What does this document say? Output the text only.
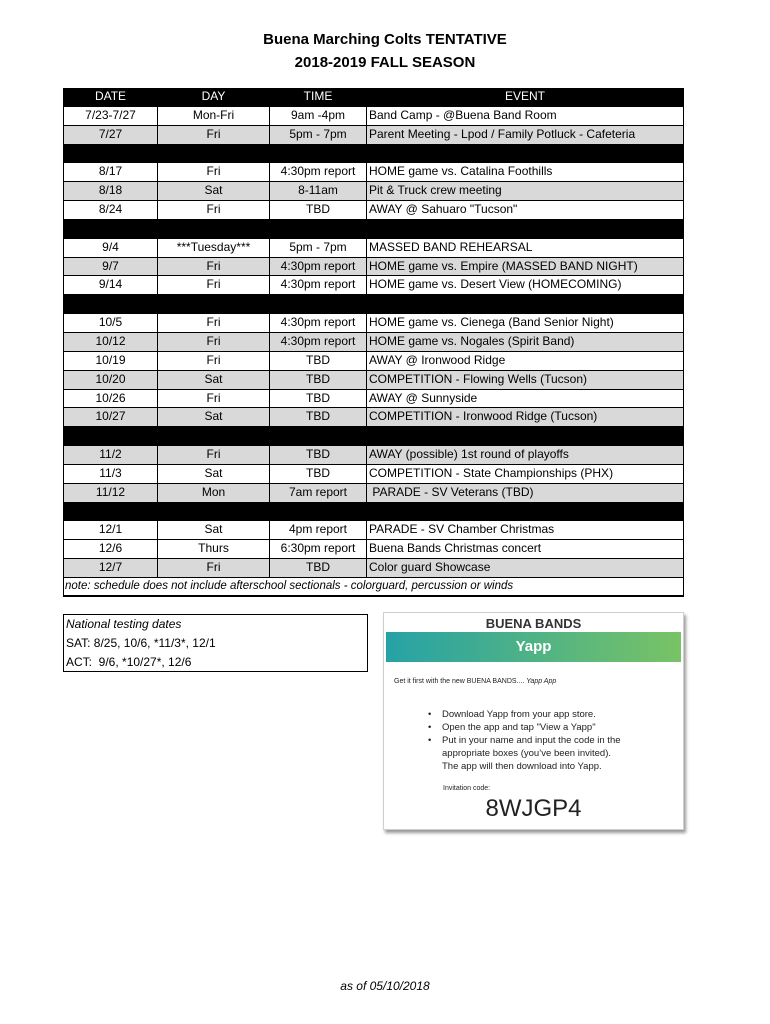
Buena Marching Colts TENTATIVE
2018-2019 FALL SEASON
DATE	DAY	TIME	EVENT
7/23-7/27	Mon-Fri	9am -4pm	Band Camp - @Buena Band Room
7/27	Fri	5pm - 7pm	Parent Meeting - Lpod / Family Potluck - Cafeteria
8/17	Fri	4:30pm report	HOME game vs. Catalina Foothills
8/18	Sat	8-11am	Pit & Truck crew meeting
8/24	Fri	TBD	AWAY @ Sahuaro "Tucson"
9/4	***Tuesday***	5pm - 7pm	MASSED BAND REHEARSAL
9/7	Fri	4:30pm report	HOME game vs. Empire (MASSED BAND NIGHT)
9/14	Fri	4:30pm report	HOME game vs. Desert View (HOMECOMING)
10/5	Fri	4:30pm report	HOME game vs. Cienega (Band Senior Night)
10/12	Fri	4:30pm report	HOME game vs. Nogales (Spirit Band)
10/19	Fri	TBD	AWAY @ Ironwood Ridge
10/20	Sat	TBD	COMPETITION - Flowing Wells (Tucson)
10/26	Fri	TBD	AWAY @ Sunnyside
10/27	Sat	TBD	COMPETITION - Ironwood Ridge (Tucson)
11/2	Fri	TBD	AWAY (possible) 1st round of playoffs
11/3	Sat	TBD	COMPETITION - State Championships (PHX)
11/12	Mon	7am report	PARADE - SV Veterans (TBD)
12/1	Sat	4pm report	PARADE - SV Chamber Christmas
12/6	Thurs	6:30pm report	Buena Bands Christmas concert
12/7	Fri	TBD	Color guard Showcase
note: schedule does not include afterschool sectionals - colorguard, percussion or winds
National testing dates
SAT: 8/25, 10/6, *11/3*, 12/1
ACT:  9/6, *10/27*, 12/6
BUENA BANDS
Yapp
Get it first with the new BUENA BANDS.... Yapp App
• Download Yapp from your app store.
• Open the app and tap "View a Yapp"
• Put in your name and input the code in the
appropriate boxes (you’ve been invited).
The app will then download into Yapp.
Invitation code:
8WJGP4
as of 05/10/2018
